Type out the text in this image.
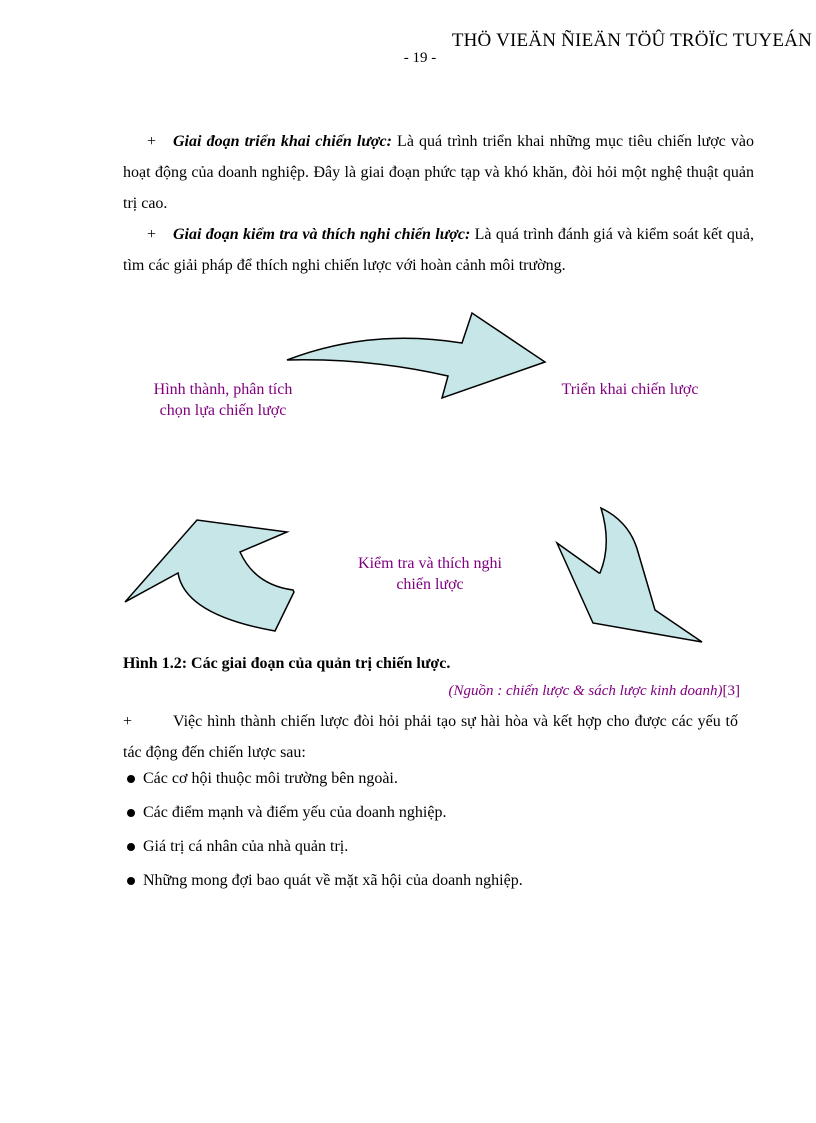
THÖ VIEÄN ÑIEÄN TÖÛ TRÖÏC TUYEÁN
- 19 -

+ Giai đoạn triển khai chiến lược: Là quá trình triển khai những mục tiêu chiến lược vào hoạt động của doanh nghiệp. Đây là giai đoạn phức tạp và khó khăn, đòi hỏi một nghệ thuật quản trị cao.

+ Giai đoạn kiểm tra và thích nghi chiến lược: Là quá trình đánh giá và kiểm soát kết quả, tìm các giải pháp để thích nghi chiến lược với hoàn cảnh môi trường.

Hình thành, phân tích
chọn lựa chiến lược
Triển khai chiến lược
Kiểm tra và thích nghi
chiến lược
Hình 1.2: Các giai đoạn của quản trị chiến lược.
(Nguồn : chiến lược & sách lược kinh doanh)[3]
+	Việc hình thành chiến lược đòi hỏi phải tạo sự hài hòa và kết hợp cho được các yếu tố tác động đến chiến lược sau:
Các cơ hội thuộc môi trường bên ngoài.
Các điểm mạnh và điểm yếu của doanh nghiệp.
Giá trị cá nhân của nhà quản trị.
Những mong đợi bao quát về mặt xã hội của doanh nghiệp.
